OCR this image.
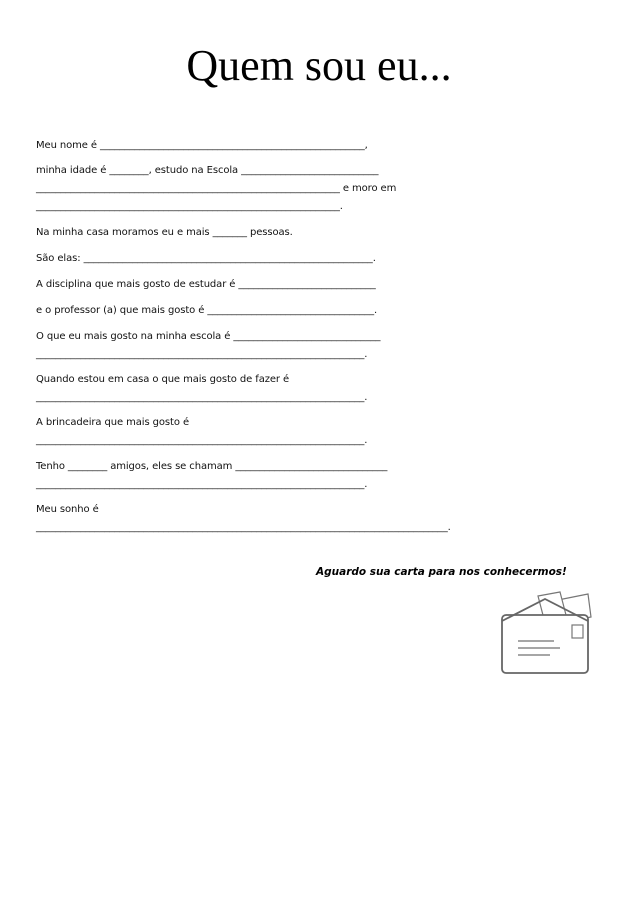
Quem sou eu...
Meu nome é ______________________________________________________,
minha idade é ________, estudo na Escola ____________________________
______________________________________________________________ e moro em
______________________________________________________________.
Na minha casa moramos eu e mais _______ pessoas.
São elas: ___________________________________________________________.
A disciplina que mais gosto de estudar é ____________________________
e o professor (a) que mais gosto é __________________________________.
O que eu mais gosto na minha escola é ______________________________
___________________________________________________________________.
Quando estou em casa o que mais gosto de fazer é
___________________________________________________________________.
A brincadeira que mais gosto é
___________________________________________________________________.
Tenho ________ amigos, eles se chamam _______________________________
___________________________________________________________________.
Meu sonho é
____________________________________________________________________________________.
Aguardo sua carta para nos conhecermos!
